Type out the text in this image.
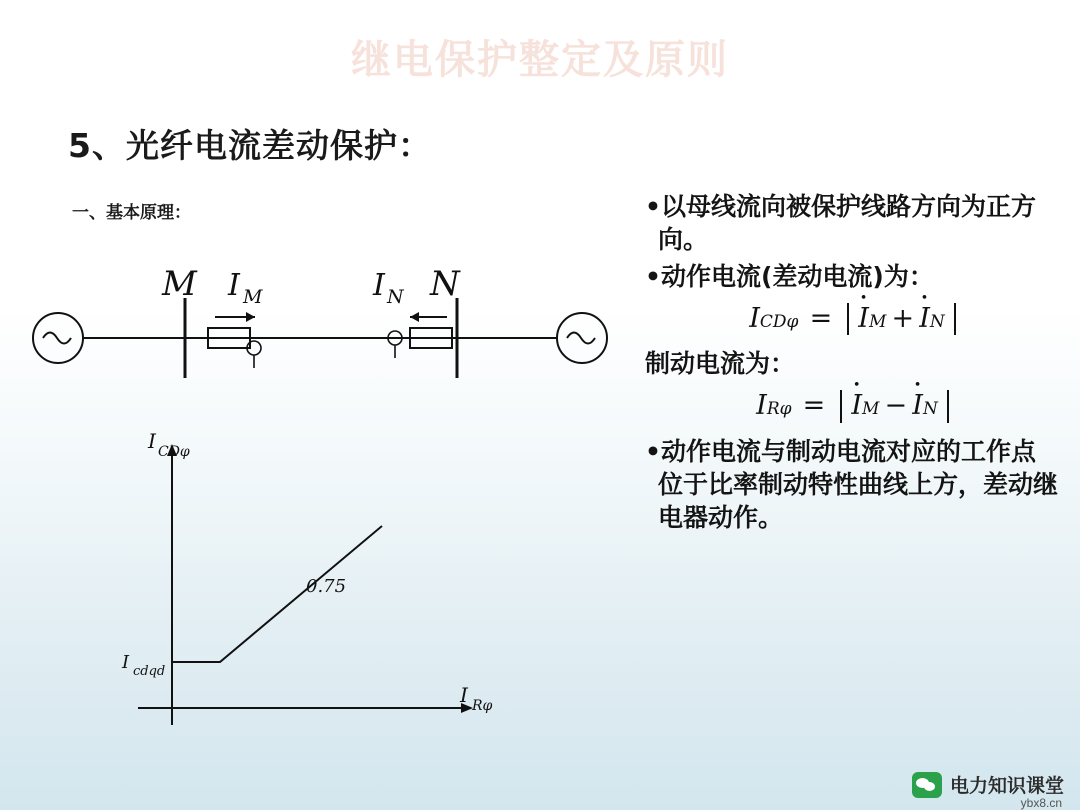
继电保护整定及原则
5、光纤电流差动保护：
一、基本原理：
M I M	I N N
I CDφ
I Rφ
0.75
I cdqd
•以母线流向被保护线路方向为正方向。
•动作电流(差动电流)为：
ICDφ = • IM + • IN
制动电流为：
IRφ = • IM − • IN
•动作电流与制动电流对应的工作点位于比率制动特性曲线上方，差动继电器动作。
电力知识课堂
ybx8.cn
